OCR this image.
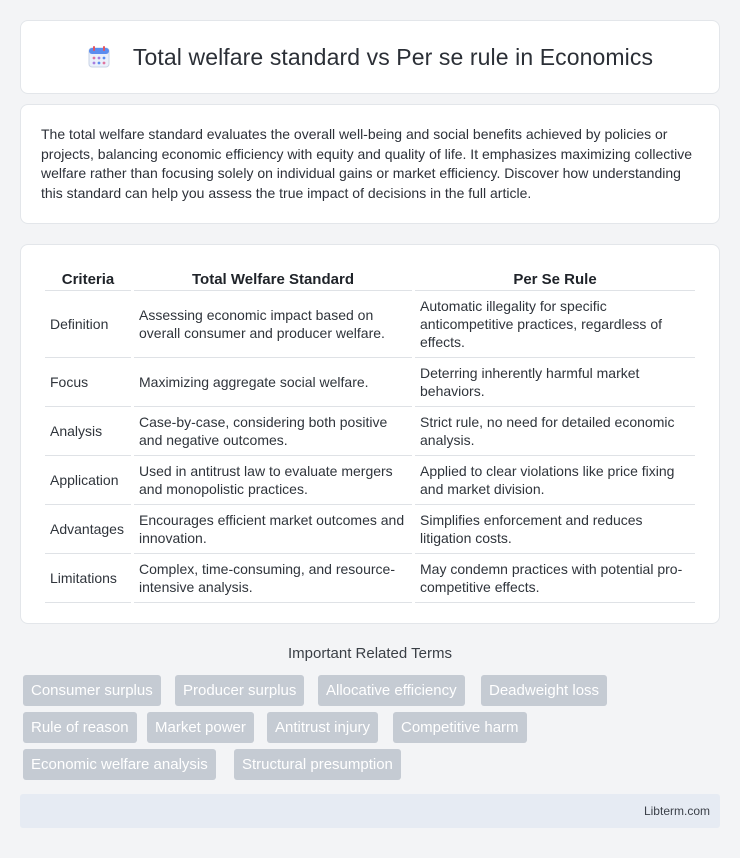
Total welfare standard vs Per se rule in Economics

The total welfare standard evaluates the overall well-being and social benefits achieved by policies or projects, balancing economic efficiency with equity and quality of life. It emphasizes maximizing collective welfare rather than focusing solely on individual gains or market efficiency. Discover how understanding this standard can help you assess the true impact of decisions in the full article.

Criteria	Total Welfare Standard	Per Se Rule
Definition	Assessing economic impact based on overall consumer and producer welfare.	Automatic illegality for specific anticompetitive practices, regardless of effects.
Focus	Maximizing aggregate social welfare.	Deterring inherently harmful market behaviors.
Analysis	Case-by-case, considering both positive and negative outcomes.	Strict rule, no need for detailed economic analysis.
Application	Used in antitrust law to evaluate mergers and monopolistic practices.	Applied to clear violations like price fixing and market division.
Advantages	Encourages efficient market outcomes and innovation.	Simplifies enforcement and reduces litigation costs.
Limitations	Complex, time-consuming, and resource-intensive analysis.	May condemn practices with potential pro-competitive effects.
Important Related Terms
Consumer surplus	Producer surplus	Allocative efficiency	Deadweight loss
Rule of reason	Market power	Antitrust injury	Competitive harm
Economic welfare analysis	Structural presumption
Libterm.com
